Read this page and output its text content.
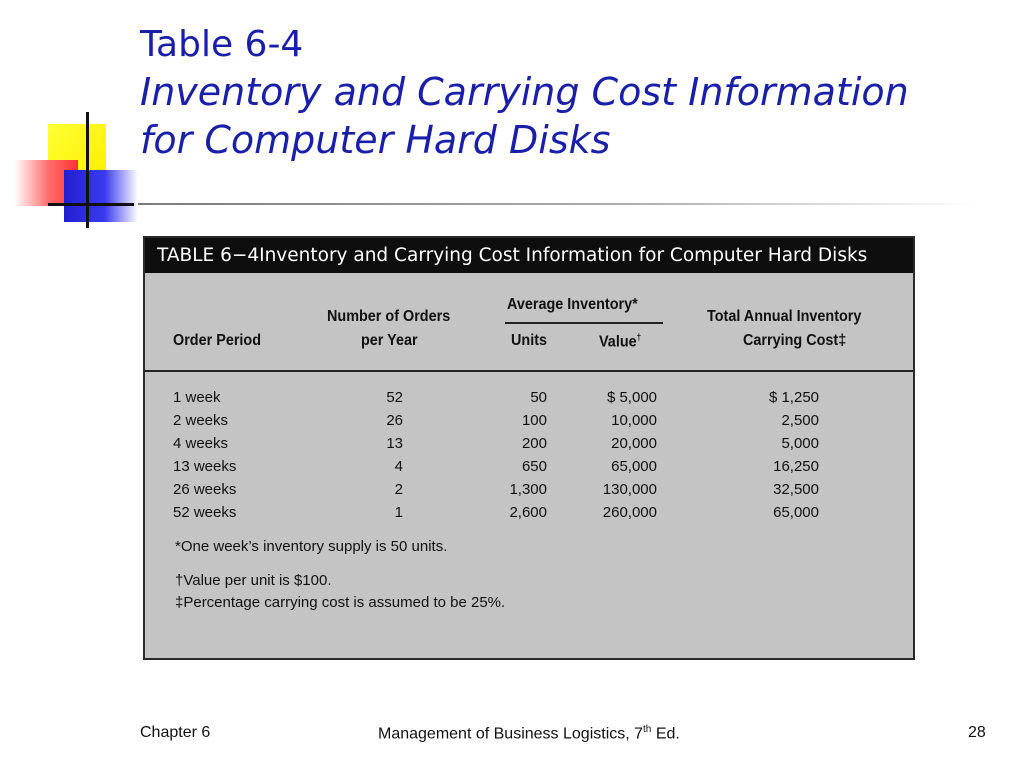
Table 6-4
Inventory and Carrying Cost Information
for Computer Hard Disks
TABLE 6−4Inventory and Carrying Cost Information for Computer Hard Disks
Order Period
Number of Orders
per Year
Average Inventory*
Units	Value†
Total Annual Inventory
Carrying Cost‡
1 week	52	50	$ 5,000	$ 1,250
2 weeks	26	100	10,000	2,500
4 weeks	13	200	20,000	5,000
13 weeks	4	650	65,000	16,250
26 weeks	2	1,300	130,000	32,500
52 weeks	1	2,600	260,000	65,000
*One week’s inventory supply is 50 units.
†Value per unit is $100.
‡Percentage carrying cost is assumed to be 25%.
Chapter 6	Management of Business Logistics, 7th Ed.	28
